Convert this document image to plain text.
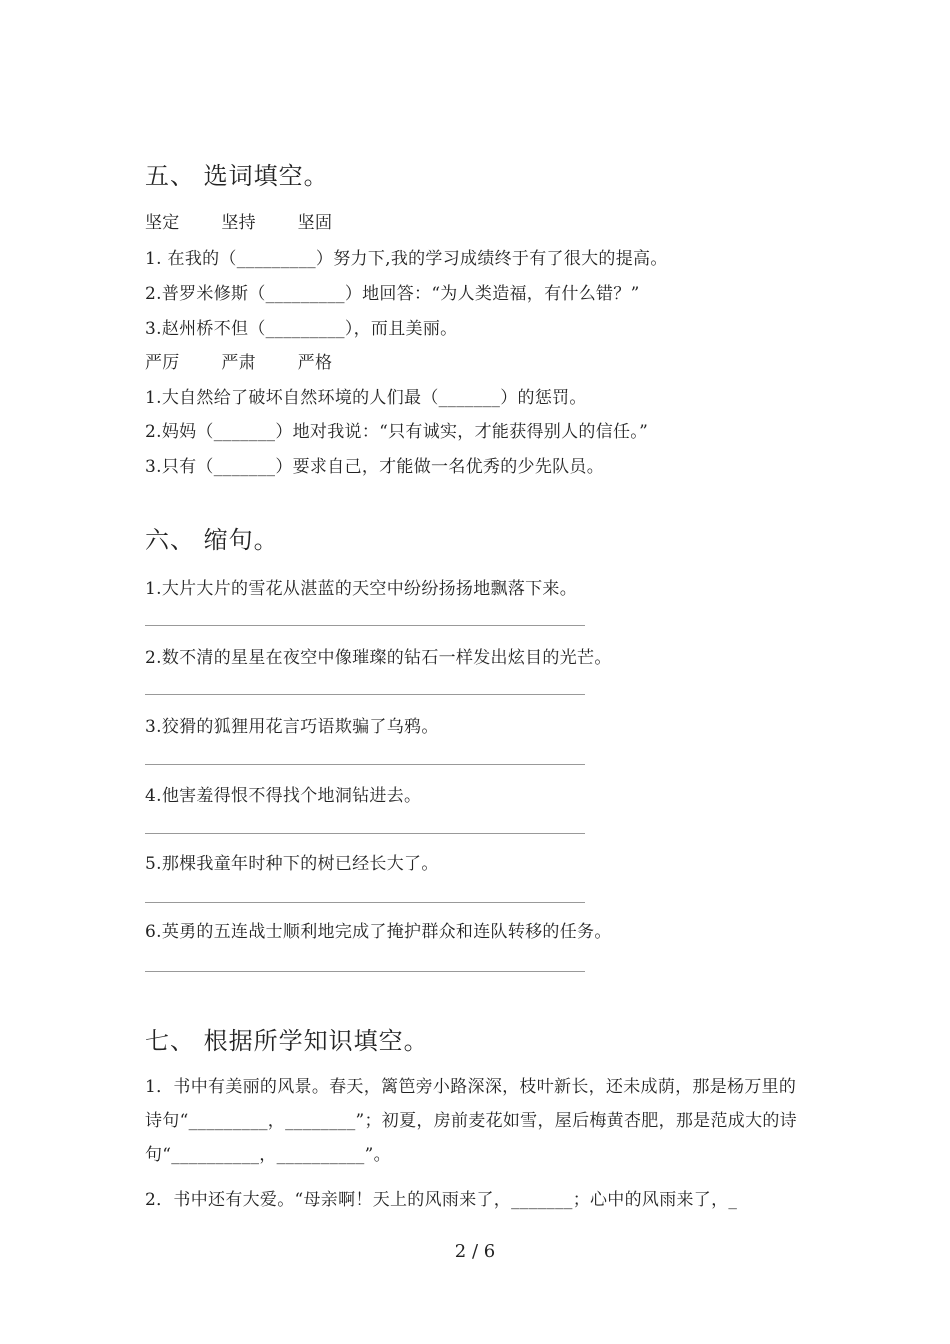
五、 选词填空。
坚定 坚持 坚固
1. 在我的（_________）努力下,我的学习成绩终于有了很大的提高。
2.普罗米修斯（_________）地回答：“为人类造福，有什么错？”
3.赵州桥不但（_________），而且美丽。
严厉 严肃 严格
1.大自然给了破坏自然环境的人们最（_______）的惩罚。
2.妈妈（_______）地对我说：“只有诚实，才能获得别人的信任。”
3.只有（_______）要求自己，才能做一名优秀的少先队员。
六、 缩句。
1.大片大片的雪花从湛蓝的天空中纷纷扬扬地飘落下来。
2.数不清的星星在夜空中像璀璨的钻石一样发出炫目的光芒。
3.狡猾的狐狸用花言巧语欺骗了乌鸦。
4.他害羞得恨不得找个地洞钻进去。
5.那棵我童年时种下的树已经长大了。
6.英勇的五连战士顺利地完成了掩护群众和连队转移的任务。
七、 根据所学知识填空。
1．书中有美丽的风景。春天，篱笆旁小路深深，枝叶新长，还未成荫，那是杨万里的诗句“_________，________”；初夏，房前麦花如雪，屋后梅黄杏肥，那是范成大的诗句“__________，__________”。
2．书中还有大爱。“母亲啊！天上的风雨来了，_______；心中的风雨来了，_
2 / 6
